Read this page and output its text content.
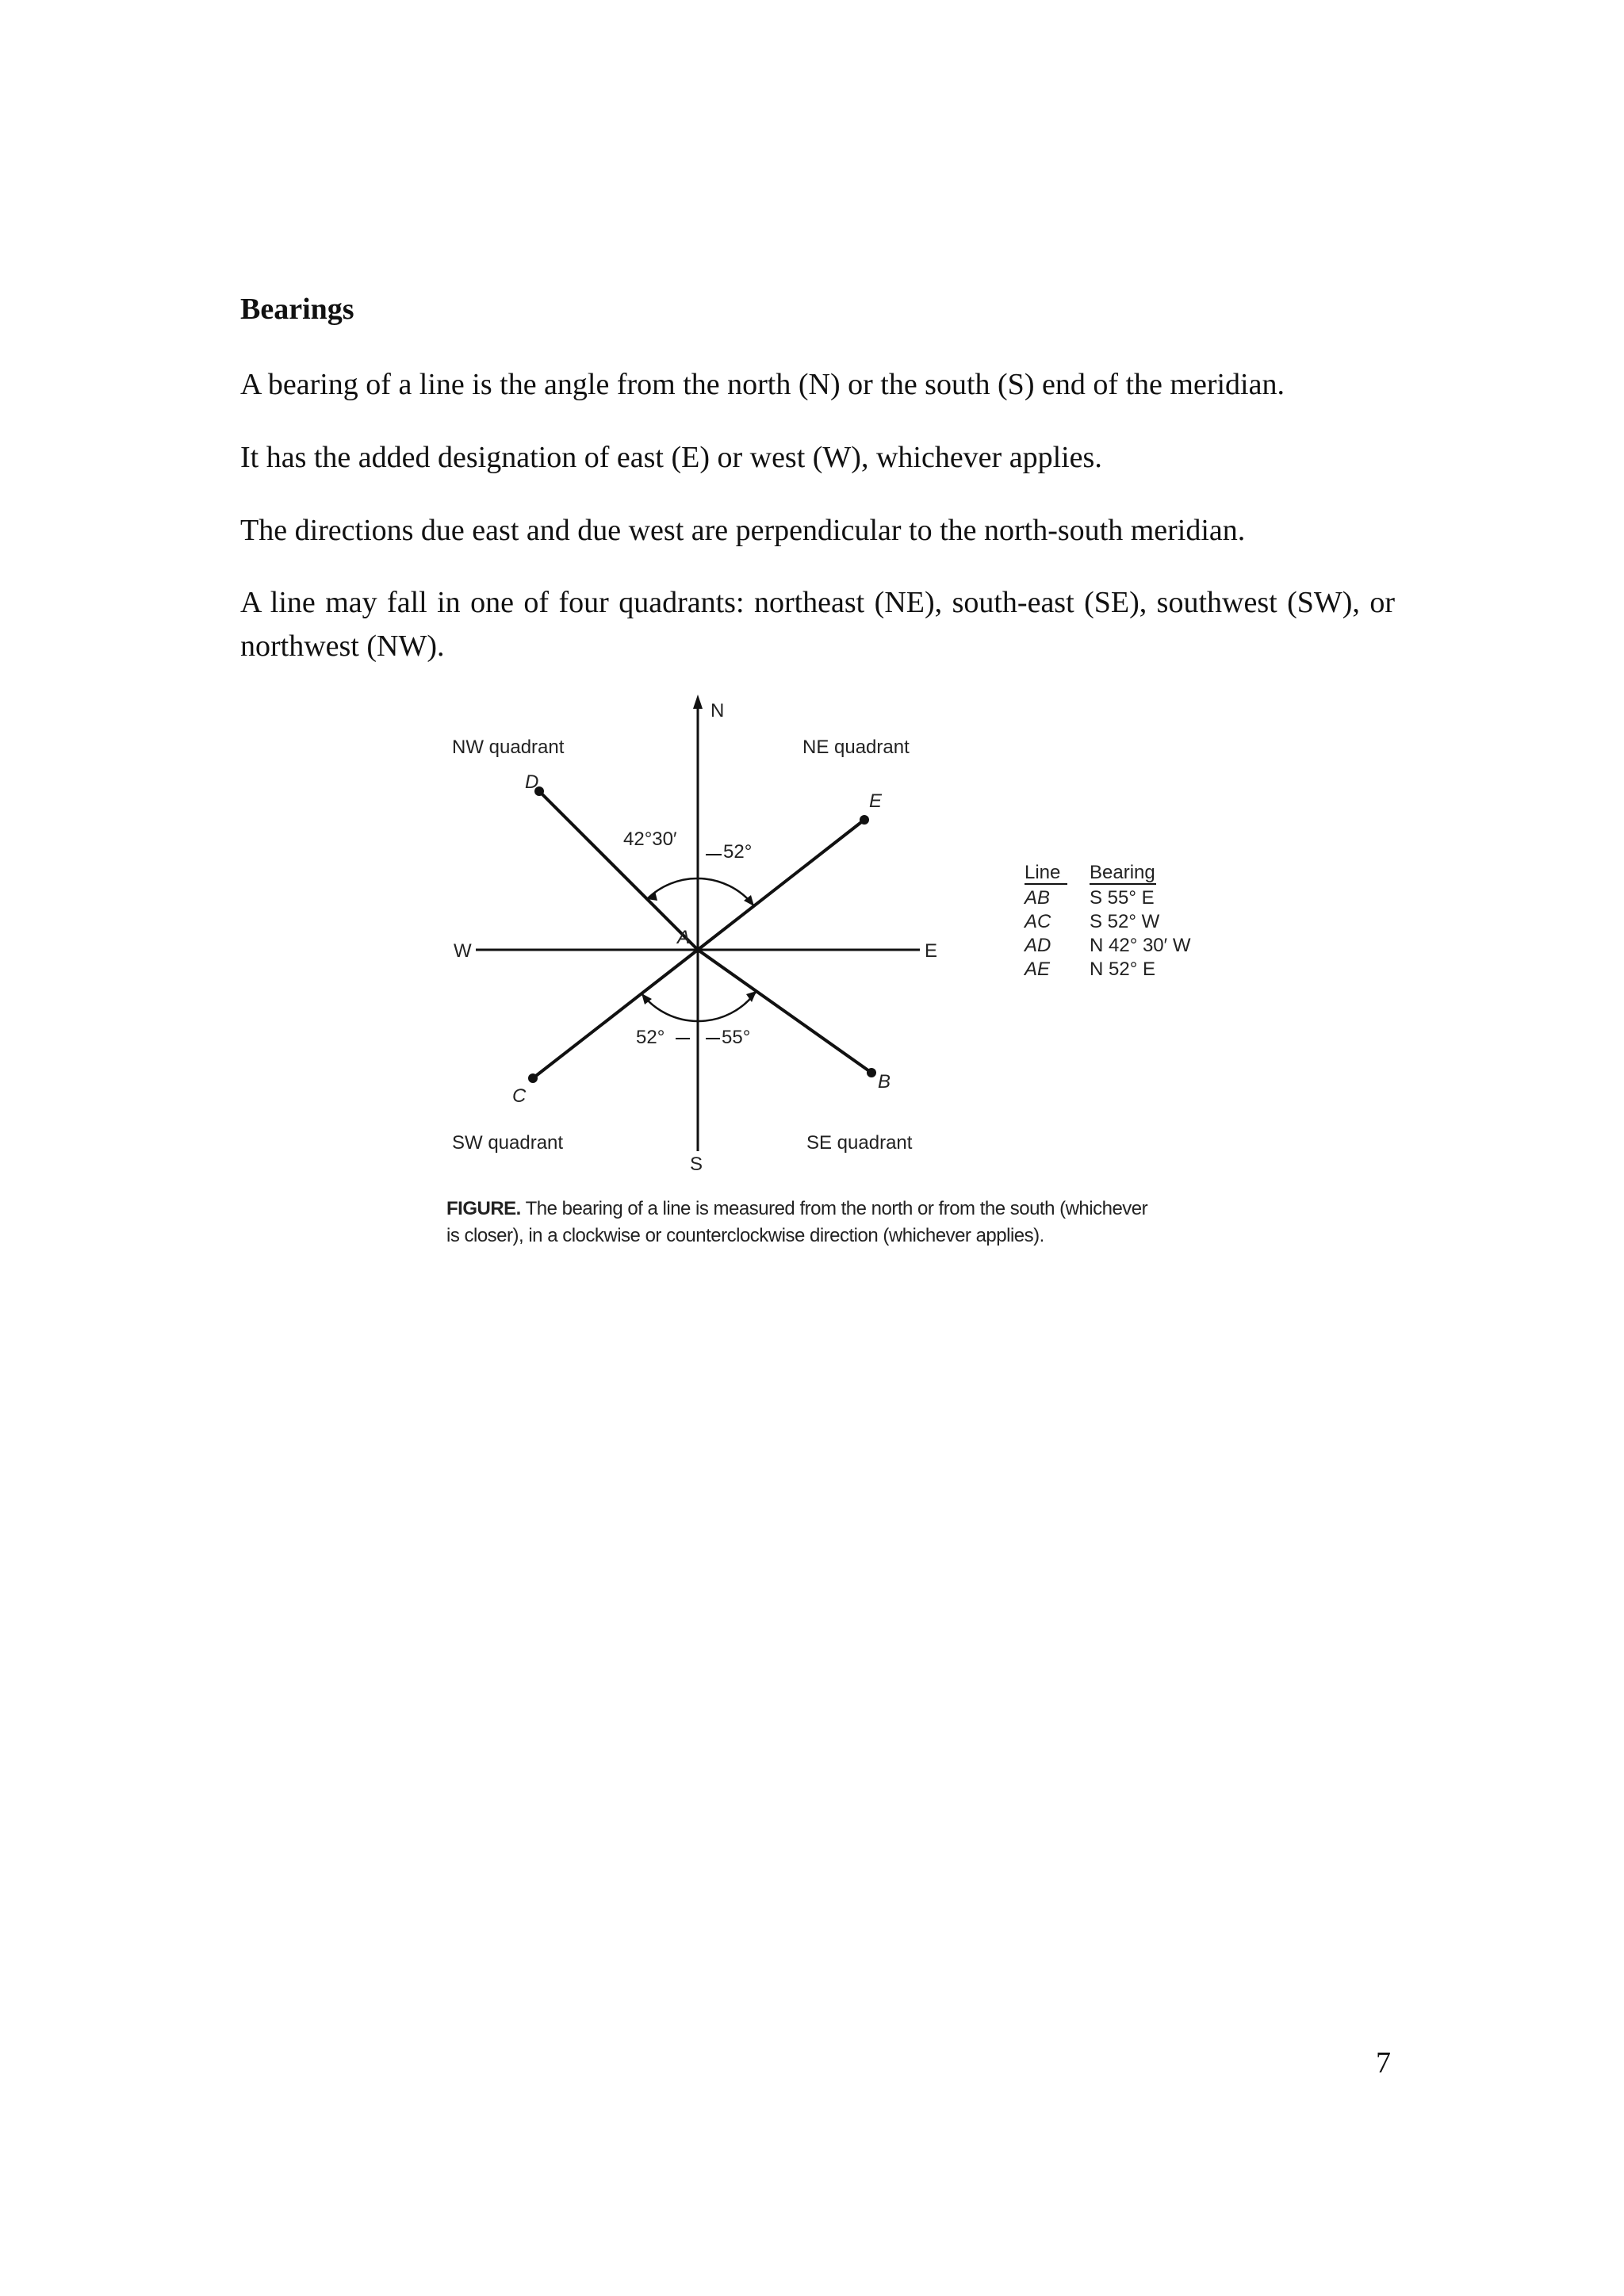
Bearings
A bearing of a line is the angle from the north (N) or the south (S) end of the meridian.
It has the added designation of east (E) or west (W), whichever applies.
The directions due east and due west are perpendicular to the north-south meridian.
A line may fall in one of four quadrants: northeast (NE), south-east (SE), southwest (SW), or northwest (NW).
NW quadrant	NE quadrant
SW quadrant	SE quadrant
N
S
E
W
A
B
C
D
E
42°30′
52°
52°	55°
Line Bearing
AB S 55° E
AC S 52° W
AD N 42° 30′ W
AE N 52° E
FIGURE. The bearing of a line is measured from the north or from the south (whichever is closer), in a clockwise or counterclockwise direction (whichever applies).
7
